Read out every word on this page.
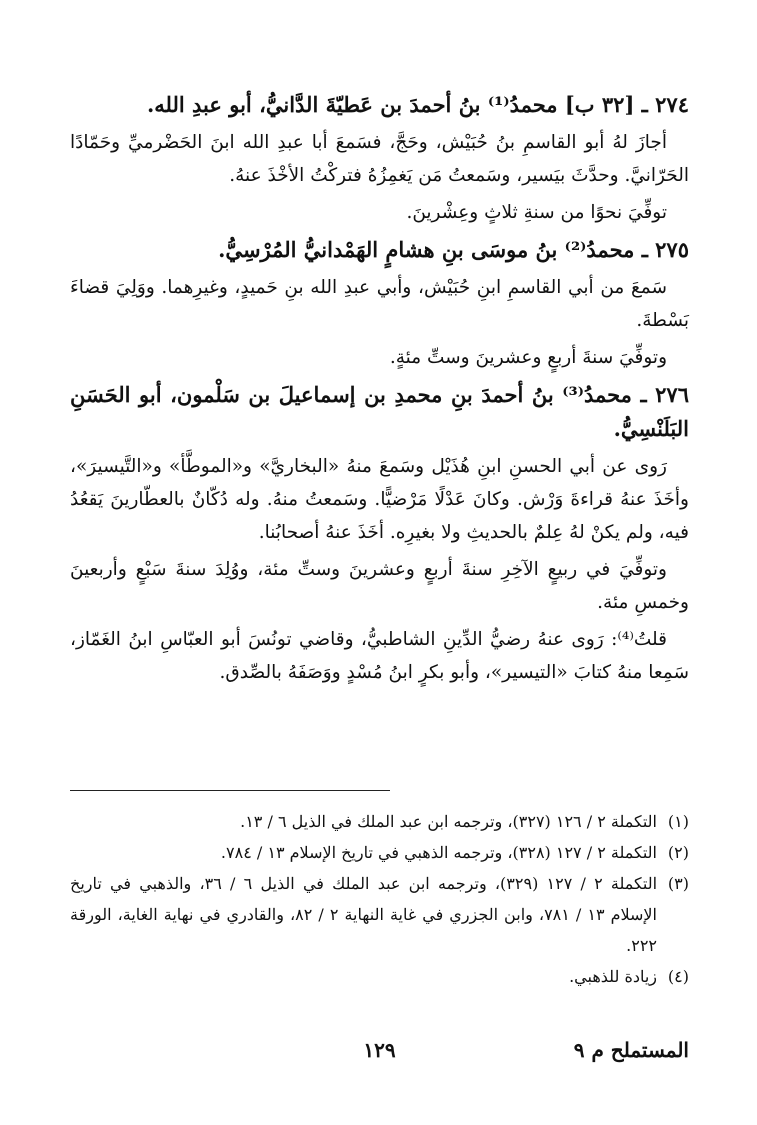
٢٧٤ ـ [٣٢ ب] محمدُ⁽¹⁾ بنُ أحمدَ بن عَطيّةَ الدَّانيُّ، أبو عبدِ الله.

أجازَ لهُ أبو القاسمِ بنُ حُبَيْش، وحَجَّ، فسَمعَ أبا عبدِ الله ابنَ الحَضْرميِّ وحَمّادًا الحَرّانيَّ. وحدَّثَ بيَسير، وسَمعتُ مَن يَغمِزُهُ فتركْتُ الأخْذَ عنهُ.

توفِّيَ نحوًا من سنةِ ثلاثٍ وعِشْرينَ.

٢٧٥ ـ محمدُ⁽²⁾ بنُ موسَى بنِ هشامٍ الهَمْدانيُّ المُرْسِيُّ.

سَمعَ من أبي القاسمِ ابنِ حُبَيْش، وأبي عبدِ الله بنِ حَميدٍ، وغيرِهما. ووَلِيَ قضاءَ بَسْطةَ.

وتوفِّيَ سنةَ أربعٍ وعشرينَ وستِّ مئةٍ.

٢٧٦ ـ محمدُ⁽³⁾ بنُ أحمدَ بنِ محمدِ بن إسماعيلَ بن سَلْمون، أبو الحَسَنِ البَلَنْسِيُّ.

رَوى عن أبي الحسنِ ابنِ هُذَيْل وسَمعَ منهُ «البخاريَّ» و«الموطَّأ» و«التَّيسيرَ»، وأخَذَ عنهُ قراءةَ وَرْش. وكانَ عَدْلًا مَرْضيًّا. وسَمعتُ منهُ. وله دُكّانٌ بالعطّارينَ يَقعُدُ فيه، ولم يكنْ لهُ عِلمٌ بالحديثِ ولا بغيرِه. أخَذَ عنهُ أصحابُنا.

وتوفِّيَ في ربيعٍ الآخِرِ سنةَ أربعٍ وعشرينَ وستِّ مئة، ووُلِدَ سنةَ سَبْعٍ وأربعينَ وخمسِ مئة.

قلتُ⁽⁴⁾: رَوى عنهُ رضيُّ الدِّينِ الشاطبيُّ، وقاضي تونُسَ أبو العبّاسِ ابنُ الغَمّاز، سَمِعا منهُ كتابَ «التيسير»، وأبو بكرٍ ابنُ مُسْدٍ ووَصَفَهُ بالصِّدق.

(١)
التكملة ٢ / ١٢٦ (٣٢٧)، وترجمه ابن عبد الملك في الذيل ٦ / ١٣.
(٢)
التكملة ٢ / ١٢٧ (٣٢٨)، وترجمه الذهبي في تاريخ الإسلام ١٣ / ٧٨٤.
(٣)
التكملة ٢ / ١٢٧ (٣٢٩)، وترجمه ابن عبد الملك في الذيل ٦ / ٣٦، والذهبي في تاريخ الإسلام ١٣ / ٧٨١، وابن الجزري في غاية النهاية ٢ / ٨٢، والقادري في نهاية الغاية، الورقة ٢٢٢.
(٤)
زيادة للذهبي.
المستملح م ٩
١٢٩
